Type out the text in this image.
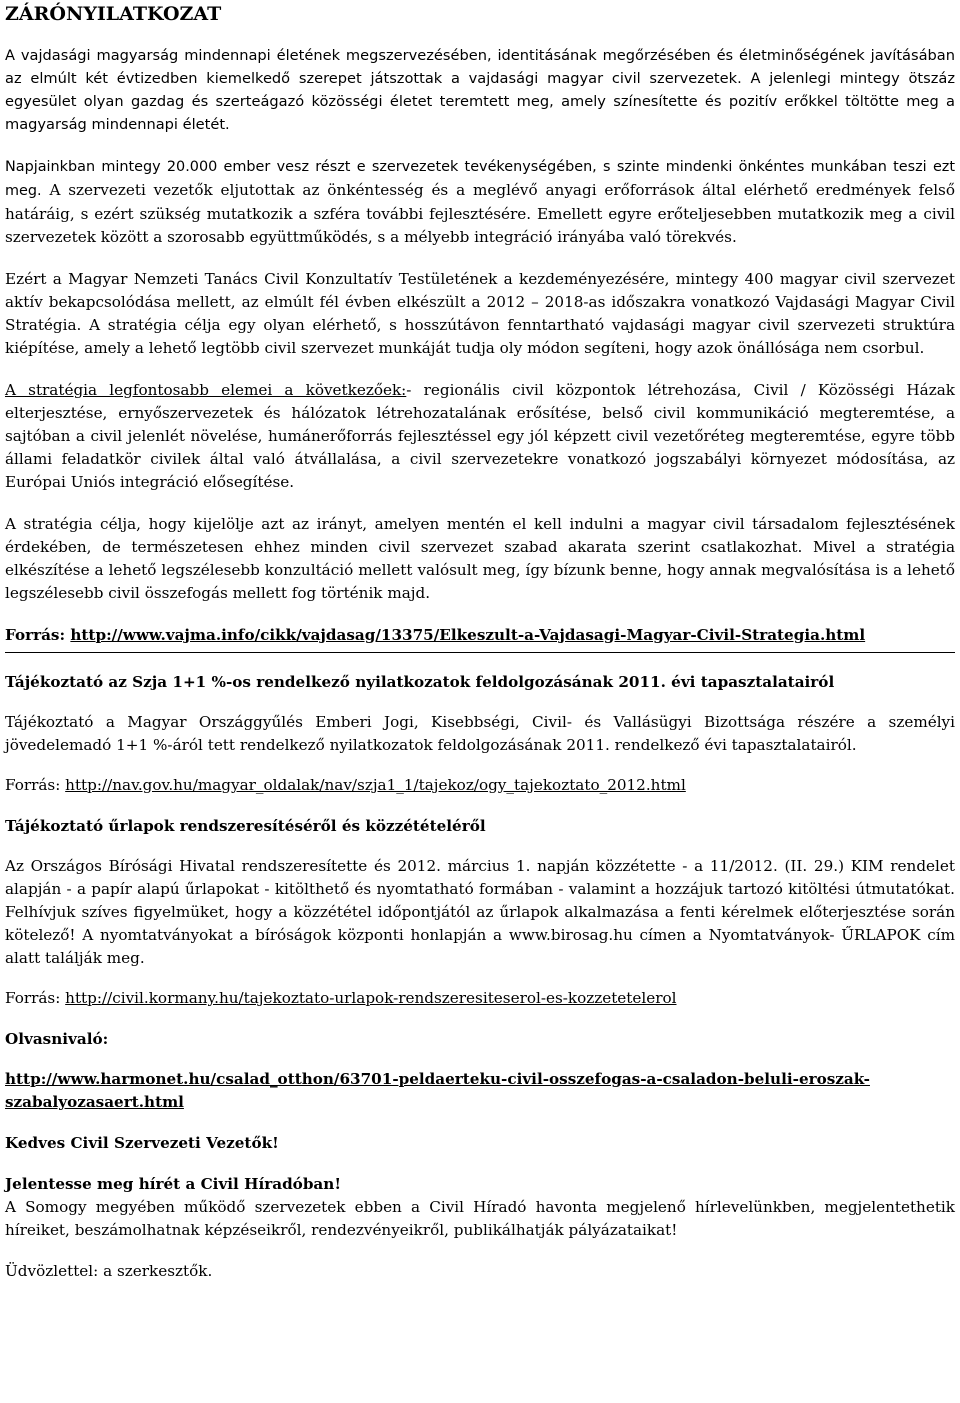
ZÁRÓNYILATKOZAT

A vajdasági magyarság mindennapi életének megszervezésében, identitásának megőrzésében és életminőségének javításában az elmúlt két évtizedben kiemelkedő szerepet játszottak a vajdasági magyar civil szervezetek. A jelenlegi mintegy ötszáz egyesület olyan gazdag és szerteágazó közösségi életet teremtett meg, amely színesítette és pozitív erőkkel töltötte meg a magyarság mindennapi életét.

Napjainkban mintegy 20.000 ember vesz részt e szervezetek tevékenységében, s szinte mindenki önkéntes munkában teszi ezt meg. A szervezeti vezetők eljutottak az önkéntesség és a meglévő anyagi erőforrások által elérhető eredmények felső határáig, s ezért szükség mutatkozik a szféra további fejlesztésére. Emellett egyre erőteljesebben mutatkozik meg a civil szervezetek között a szorosabb együttműködés, s a mélyebb integráció irányába való törekvés.

Ezért a Magyar Nemzeti Tanács Civil Konzultatív Testületének a kezdeményezésére, mintegy 400 magyar civil szervezet aktív bekapcsolódása mellett, az elmúlt fél évben elkészült a 2012 – 2018-as időszakra vonatkozó Vajdasági Magyar Civil Stratégia. A stratégia célja egy olyan elérhető, s hosszútávon fenntartható vajdasági magyar civil szervezeti struktúra kiépítése, amely a lehető legtöbb civil szervezet munkáját tudja oly módon segíteni, hogy azok önállósága nem csorbul.

A stratégia legfontosabb elemei a következőek:- regionális civil központok létrehozása, Civil / Közösségi Házak elterjesztése, ernyőszervezetek és hálózatok létrehozatalának erősítése, belső civil kommunikáció megteremtése, a sajtóban a civil jelenlét növelése, humánerőforrás fejlesztéssel egy jól képzett civil vezetőréteg megteremtése, egyre több állami feladatkör civilek által való átvállalása, a civil szervezetekre vonatkozó jogszabályi környezet módosítása, az Európai Uniós integráció elősegítése.

A stratégia célja, hogy kijelölje azt az irányt, amelyen mentén el kell indulni a magyar civil társadalom fejlesztésének érdekében, de természetesen ehhez minden civil szervezet szabad akarata szerint csatlakozhat. Mivel a stratégia elkészítése a lehető legszélesebb konzultáció mellett valósult meg, így bízunk benne, hogy annak megvalósítása is a lehető legszélesebb civil összefogás mellett fog történik majd.

Forrás: http://www.vajma.info/cikk/vajdasag/13375/Elkeszult-a-Vajdasagi-Magyar-Civil-Strategia.html

Tájékoztató az Szja 1+1 %-os rendelkező nyilatkozatok feldolgozásának 2011. évi tapasztalatairól

Tájékoztató a Magyar Országgyűlés Emberi Jogi, Kisebbségi, Civil- és Vallásügyi Bizottsága részére a személyi jövedelemadó 1+1 %-áról tett rendelkező nyilatkozatok feldolgozásának 2011. rendelkező évi tapasztalatairól.

Forrás: http://nav.gov.hu/magyar_oldalak/nav/szja1_1/tajekoz/ogy_tajekoztato_2012.html

Tájékoztató űrlapok rendszeresítéséről és közzétételéről

Az Országos Bírósági Hivatal rendszeresítette és 2012. március 1. napján közzétette - a 11/2012. (II. 29.) KIM rendelet alapján - a papír alapú űrlapokat - kitölthető és nyomtatható formában - valamint a hozzájuk tartozó kitöltési útmutatókat. Felhívjuk szíves figyelmüket, hogy a közzététel időpontjától az űrlapok alkalmazása a fenti kérelmek előterjesztése során kötelező! A nyomtatványokat a bíróságok központi honlapján a www.birosag.hu címen a Nyomtatványok- ŰRLAPOK cím alatt találják meg.

Forrás: http://civil.kormany.hu/tajekoztato-urlapok-rendszeresiteserol-es-kozzetetelerol

Olvasnivaló:

http://www.harmonet.hu/csalad_otthon/63701-peldaerteku-civil-osszefogas-a-csaladon-beluli-eroszak-szabalyozasaert.html

Kedves Civil Szervezeti Vezetők!

Jelentesse meg hírét a Civil Híradóban!

A Somogy megyében működő szervezetek ebben a Civil Híradó havonta megjelenő hírlevelünkben, megjelentethetik híreiket, beszámolhatnak képzéseikről, rendezvényeikről, publikálhatják pályázataikat!

Üdvözlettel: a szerkesztők.
